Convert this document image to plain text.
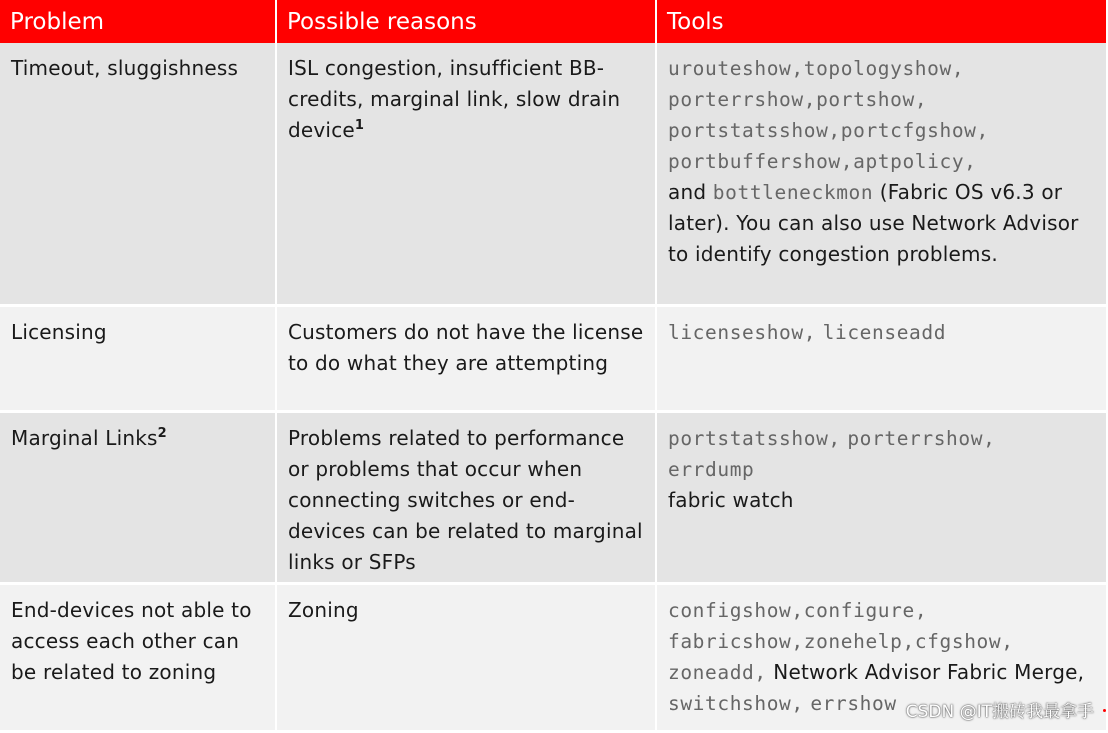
Problem	Possible reasons	Tools
Timeout, sluggishness	ISL congestion, insufficient BB-credits, marginal link, slow drain device$^1$	urouteshow,topologyshow,
porterrshow,portshow,
portstatsshow,portcfgshow,
portbuffershow,aptpolicy,
and bottleneckmon (Fabric OS v6.3 or later). You can also use Network Advisor to identify congestion problems.
Licensing	Customers do not have the license to do what they are attempting	licenseshow, licenseadd
Marginal Links$^2$	Problems related to performance or problems that occur when connecting switches or end-devices can be related to marginal links or SFPs	portstatsshow, porterrshow,
errdump
fabric watch
End-devices not able to access each other can be related to zoning	Zoning	configshow,configure,
fabricshow,zonehelp,cfgshow,
zoneadd, Network Advisor Fabric Merge, switchshow, errshow CSDN @IT搬砖我最拿手
